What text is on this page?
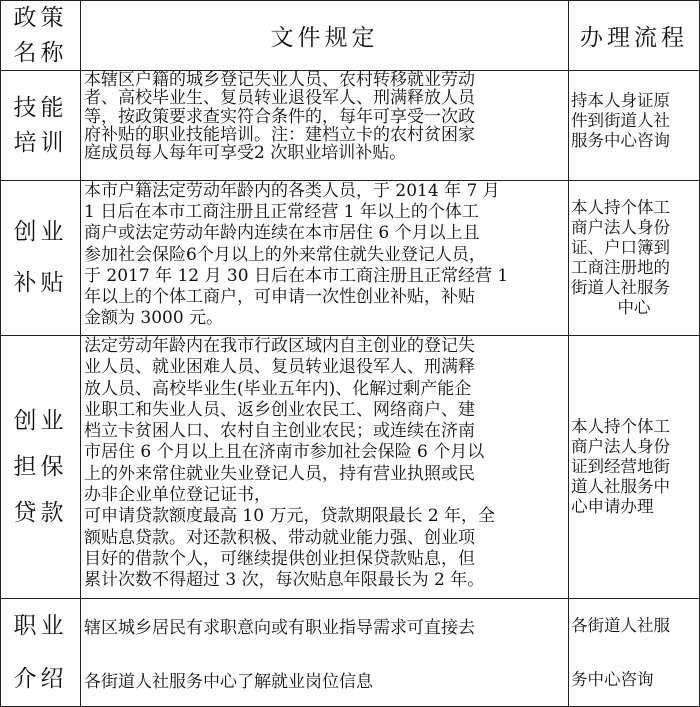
政策
名称
文件规定	办理流程
技能
培训
本辖区户籍的城乡登记失业人员、农村转移就业劳动
者、高校毕业生、复员转业退役军人、刑满释放人员
等，按政策要求查实符合条件的，每年可享受一次政
府补贴的职业技能培训。注：建档立卡的农村贫困家
庭成员每人每年可享受2 次职业培训补贴。
持本人身证原
件到街道人社
服务中心咨询
创业
补贴
本市户籍法定劳动年龄内的各类人员，于 2014 年 7 月
1 日后在本市工商注册且正常经营 1 年以上的个体工
商户或法定劳动年龄内连续在本市居住 6 个月以上且
参加社会保险6个月以上的外来常住就失业登记人员，
于 2017 年 12 月 30 日后在本市工商注册且正常经营 1
年以上的个体工商户，可申请一次性创业补贴，补贴
金额为 3000 元。
本人持个体工
商户法人身份
证、户口簿到
工商注册地的
街道人社服务
中心
创业
担保
贷款
法定劳动年龄内在我市行政区域内自主创业的登记失
业人员、就业困难人员、复员转业退役军人、刑满释
放人员、高校毕业生(毕业五年内)、化解过剩产能企
业职工和失业人员、返乡创业农民工、网络商户、建
档立卡贫困人口、农村自主创业农民；或连续在济南
市居住 6 个月以上且在济南市参加社会保险 6 个月以
上的外来常住就业失业登记人员，持有营业执照或民
办非企业单位登记证书，
可申请贷款额度最高 10 万元，贷款期限最长 2 年，全
额贴息贷款。对还款积极、带动就业能力强、创业项
目好的借款个人，可继续提供创业担保贷款贴息，但
累计次数不得超过 3 次，每次贴息年限最长为 2 年。
本人持个体工
商户法人身份
证到经营地街
道人社服务中
心申请办理
职业
介绍
辖区城乡居民有求职意向或有职业指导需求可直接去
各街道人社服务中心了解就业岗位信息
各街道人社服
务中心咨询
